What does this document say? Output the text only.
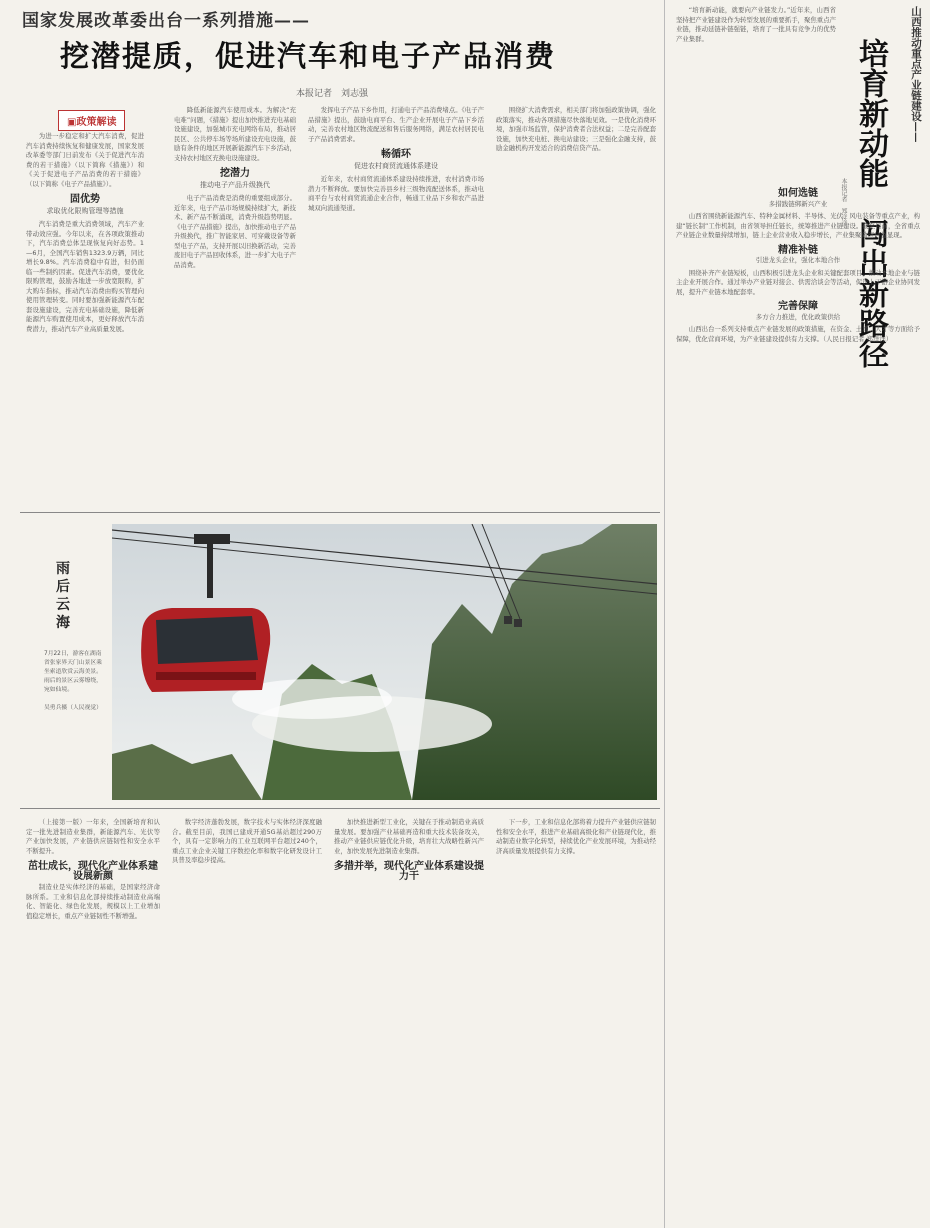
国家发展改革委出台一系列措施——
挖潜提质，促进汽车和电子产品消费
本报记者　刘志强
▣政策解读

为进一步稳定和扩大汽车消费，促进汽车消费持续恢复和健康发展，国家发展改革委等部门日前发布《关于促进汽车消费的若干措施》（以下简称《措施》）和《关于促进电子产品消费的若干措施》（以下简称《电子产品措施》）。

固优势
求取优化限购管理等措施

汽车消费是重大消费领域，汽车产业带动效应强。今年以来，在各项政策推动下，汽车消费总体呈现恢复向好态势。1—6月，全国汽车销售1323.9万辆，同比增长9.8%。汽车消费稳中有进，但仍面临一些制约因素。促进汽车消费，要优化限购管理，鼓励各地进一步放宽限购，扩大购车指标，推动汽车消费由购买管理向使用管理转变。同时要加强新能源汽车配套设施建设，完善充电基础设施，降低新能源汽车购置使用成本，更好释放汽车消费潜力，推动汽车产业高质量发展。

降低新能源汽车使用成本。为解决“充电难”问题，《措施》提出加快推进充电基础设施建设，加强城市充电网络布局，推动居民区、公共停车场等场所建设充电设施，鼓励有条件的地区开展新能源汽车下乡活动，支持农村地区充换电设施建设。

挖潜力
推动电子产品升级换代

电子产品消费是消费的重要组成部分。近年来，电子产品市场规模持续扩大，新技术、新产品不断涌现，消费升级趋势明显。《电子产品措施》提出，加快推动电子产品升级换代，推广智能家居、可穿戴设备等新型电子产品，支持开展以旧换新活动，完善废旧电子产品回收体系，进一步扩大电子产品消费。

发挥电子产品下乡作用，打通电子产品消费堵点。《电子产品措施》提出，鼓励电商平台、生产企业开展电子产品下乡活动，完善农村地区物流配送和售后服务网络，满足农村居民电子产品消费需求。

畅循环
促进农村商贸流通体系建设

近年来，农村商贸流通体系建设持续推进，农村消费市场潜力不断释放。要加快完善县乡村三级物流配送体系，推动电商平台与农村商贸流通企业合作，畅通工业品下乡和农产品进城双向流通渠道。

围绕扩大消费需求，相关部门将加强政策协调，强化政策落实，推动各项措施尽快落地见效。一是优化消费环境，加强市场监管，保护消费者合法权益；二是完善配套设施，加快充电桩、换电站建设；三是强化金融支持，鼓励金融机构开发适合的消费信贷产品。

雨后云海
7月22日，游客在湖南省张家界天门山景区乘坐索道欣赏云海美景。雨后的景区云雾缭绕，宛如仙境。

吴勇兵摄（人民视觉）

（上接第一版）一年来，全国新培育和认定一批先进制造业集群，新能源汽车、光伏等产业加快发展，产业链供应链韧性和安全水平不断提升。

茁壮成长，现代化产业体系建设展新颜

制造业是实体经济的基础，是国家经济命脉所系。工业和信息化部持续推动制造业高端化、智能化、绿色化发展，规模以上工业增加值稳定增长，重点产业链韧性不断增强。

数字经济蓬勃发展，数字技术与实体经济深度融合。截至目前，我国已建成开通5G基站超过290万个，具有一定影响力的工业互联网平台超过240个，重点工业企业关键工序数控化率和数字化研发设计工具普及率稳步提高。

加快推进新型工业化，关键在于推动制造业高质量发展。要加强产业基础再造和重大技术装备攻关，推动产业链供应链优化升级，培育壮大战略性新兴产业，加快发展先进制造业集群。

多措并举，现代化产业体系建设提力干

下一步，工业和信息化部将着力提升产业链供应链韧性和安全水平，推进产业基础高级化和产业链现代化，推动制造业数字化转型，持续优化产业发展环境，为推动经济高质量发展提供有力支撑。

山西推动重点产业链建设——
培育新动能　闯出新路径
本报记者　郑洋洋

“培育新动能，就要向产业链发力。”近年来，山西省坚持把产业链建设作为转型发展的重要抓手，聚焦重点产业链，推动延链补链强链，培育了一批具有竞争力的优势产业集群。

如何选链
多措践链绑新兴产业

山西省围绕新能源汽车、特种金属材料、半导体、光伏、风电装备等重点产业，构建“链长制”工作机制，由省领导担任链长，统筹推进产业链建设。截至目前，全省重点产业链企业数量持续增加，链上企业营业收入稳步增长，产业集聚效应日益显现。

精准补链
引进龙头企业，强化本地合作

围绕补齐产业链短板，山西积极引进龙头企业和关键配套项目，推动本地企业与链主企业开展合作。通过举办产业链对接会、供需洽谈会等活动，促进上下游企业协同发展，提升产业链本地配套率。

完善保障
多方合力推进，优化政策供给

山西出台一系列支持重点产业链发展的政策措施，在资金、土地、人才等方面给予保障，优化营商环境，为产业链建设提供有力支撑。（人民日报记者 郑洋洋）
